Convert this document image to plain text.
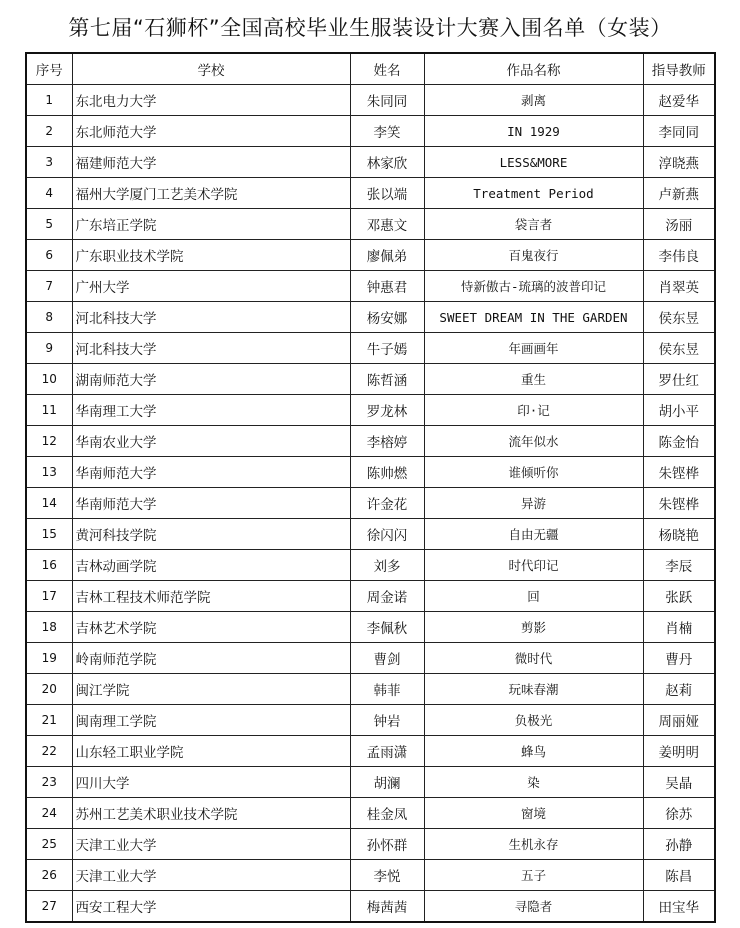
第七届“石狮杯”全国高校毕业生服装设计大赛入围名单（女装）
序号	学校	姓名	作品名称	指导教师
1	东北电力大学	朱同同	剥离	赵爱华
2	东北师范大学	李笑	IN 1929	李同同
3	福建师范大学	林家欣	LESS&MORE	淳晓燕
4	福州大学厦门工艺美术学院	张以端	Treatment Period	卢新燕
5	广东培正学院	邓惠文	袋言者	汤丽
6	广东职业技术学院	廖佩弟	百鬼夜行	李伟良
7	广州大学	钟惠君	恃新傲古-琉璃的波普印记	肖翠英
8	河北科技大学	杨安娜	SWEET DREAM IN THE GARDEN	侯东昱
9	河北科技大学	牛子嫣	年画画年	侯东昱
10	湖南师范大学	陈哲涵	重生	罗仕红
11	华南理工大学	罗龙林	印·记	胡小平
12	华南农业大学	李榕婷	流年似水	陈金怡
13	华南师范大学	陈帅燃	谁倾听你	朱铿桦
14	华南师范大学	许金花	异游	朱铿桦
15	黄河科技学院	徐闪闪	自由无疆	杨晓艳
16	吉林动画学院	刘多	时代印记	李辰
17	吉林工程技术师范学院	周金诺	回	张跃
18	吉林艺术学院	李佩秋	剪影	肖楠
19	岭南师范学院	曹剑	微时代	曹丹
20	闽江学院	韩菲	玩味春潮	赵莉
21	闽南理工学院	钟岩	负极光	周丽娅
22	山东轻工职业学院	孟雨潇	蜂鸟	姜明明
23	四川大学	胡澜	染	吴晶
24	苏州工艺美术职业技术学院	桂金凤	窗境	徐苏
25	天津工业大学	孙怀群	生机永存	孙静
26	天津工业大学	李悦	五子	陈昌
27	西安工程大学	梅茜茜	寻隐者	田宝华
